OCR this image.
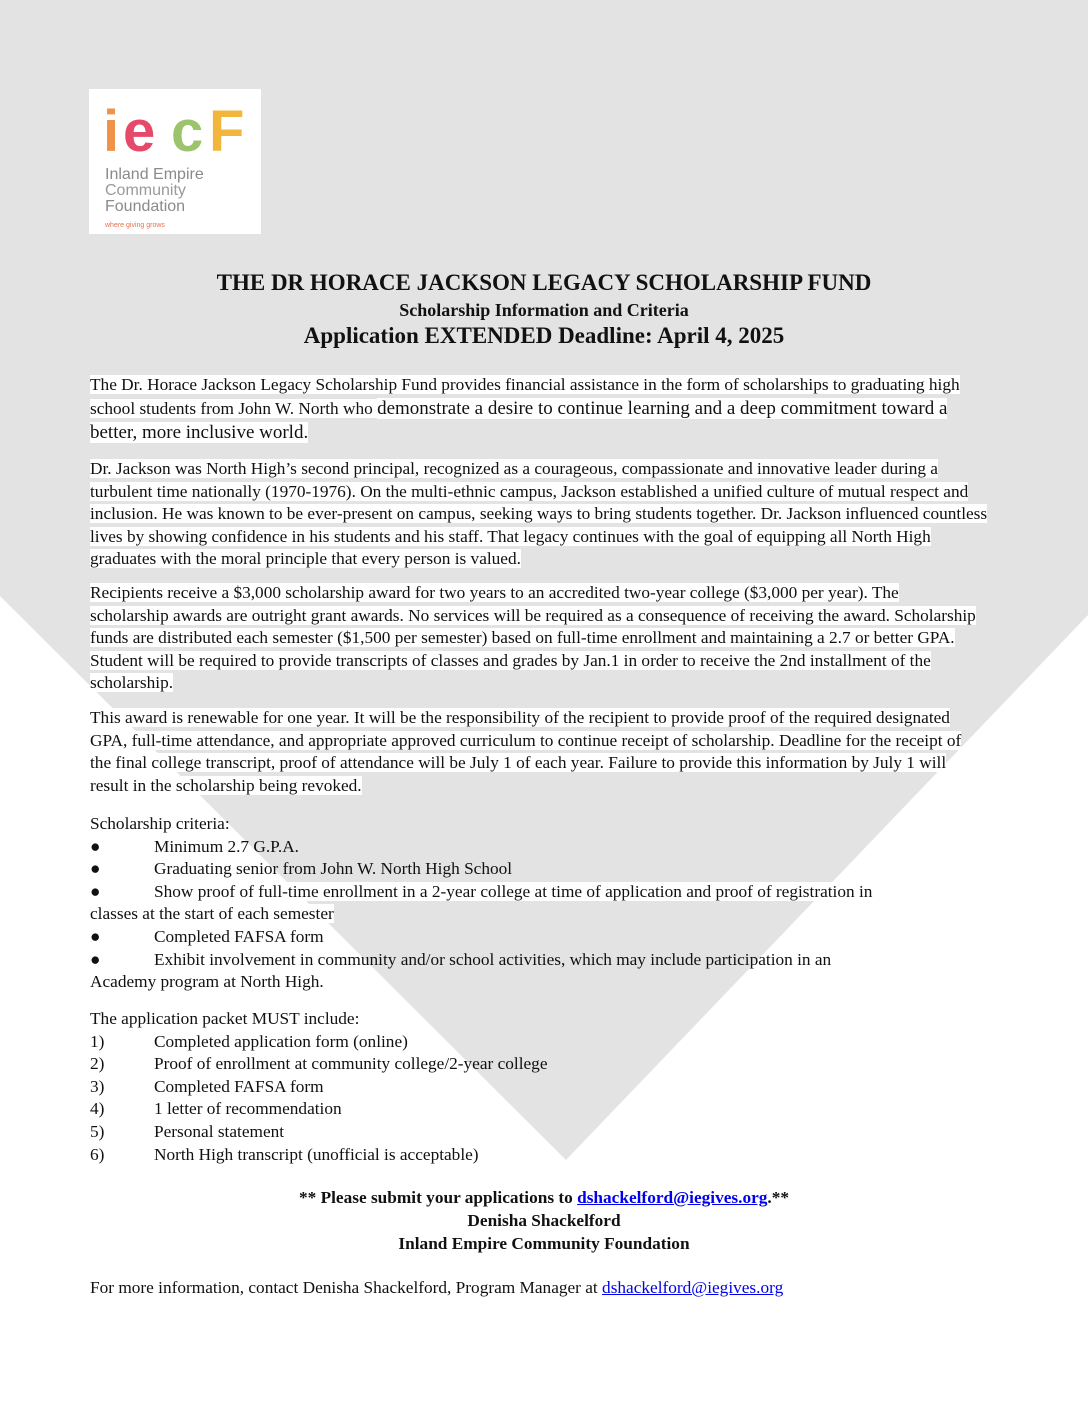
i e c F
Inland Empire
Community
Foundation
where giving grows
THE DR HORACE JACKSON LEGACY SCHOLARSHIP FUND
Scholarship Information and Criteria
Application EXTENDED Deadline: April 4, 2025

The Dr. Horace Jackson Legacy Scholarship Fund provides financial assistance in the form of scholarships to graduating high school students from John W. North who demonstrate a desire to continue learning and a deep commitment toward a better, more inclusive world.

Dr. Jackson was North High’s second principal, recognized as a courageous, compassionate and innovative leader during a turbulent time nationally (1970-1976). On the multi-ethnic campus, Jackson established a unified culture of mutual respect and inclusion. He was known to be ever-present on campus, seeking ways to bring students together. Dr. Jackson influenced countless lives by showing confidence in his students and his staff. That legacy continues with the goal of equipping all North High graduates with the moral principle that every person is valued.

Recipients receive a $3,000 scholarship award for two years to an accredited two-year college ($3,000 per year). The scholarship awards are outright grant awards. No services will be required as a consequence of receiving the award. Scholarship funds are distributed each semester ($1,500 per semester) based on full-time enrollment and maintaining a 2.7 or better GPA. Student will be required to provide transcripts of classes and grades by Jan.1 in order to receive the 2nd installment of the scholarship.

This award is renewable for one year. It will be the responsibility of the recipient to provide proof of the required designated GPA, full-time attendance, and appropriate approved curriculum to continue receipt of scholarship. Deadline for the receipt of the final college transcript, proof of attendance will be July 1 of each year. Failure to provide this information by July 1 will result in the scholarship being revoked.

Scholarship criteria:
●	Minimum 2.7 G.P.A.
●	Graduating senior from John W. North High School
●	Show proof of full-time enrollment in a 2-year college at time of application and proof of registration in
classes at the start of each semester
●	Completed FAFSA form
●	Exhibit involvement in community and/or school activities, which may include participation in an
Academy program at North High.
The application packet MUST include:
1)	Completed application form (online)
2)	Proof of enrollment at community college/2-year college
3)	Completed FAFSA form
4)	1 letter of recommendation
5)	Personal statement
6)	North High transcript (unofficial is acceptable)
** Please submit your applications to dshackelford@iegives.org.**
Denisha Shackelford
Inland Empire Community Foundation
For more information, contact Denisha Shackelford, Program Manager at dshackelford@iegives.org
